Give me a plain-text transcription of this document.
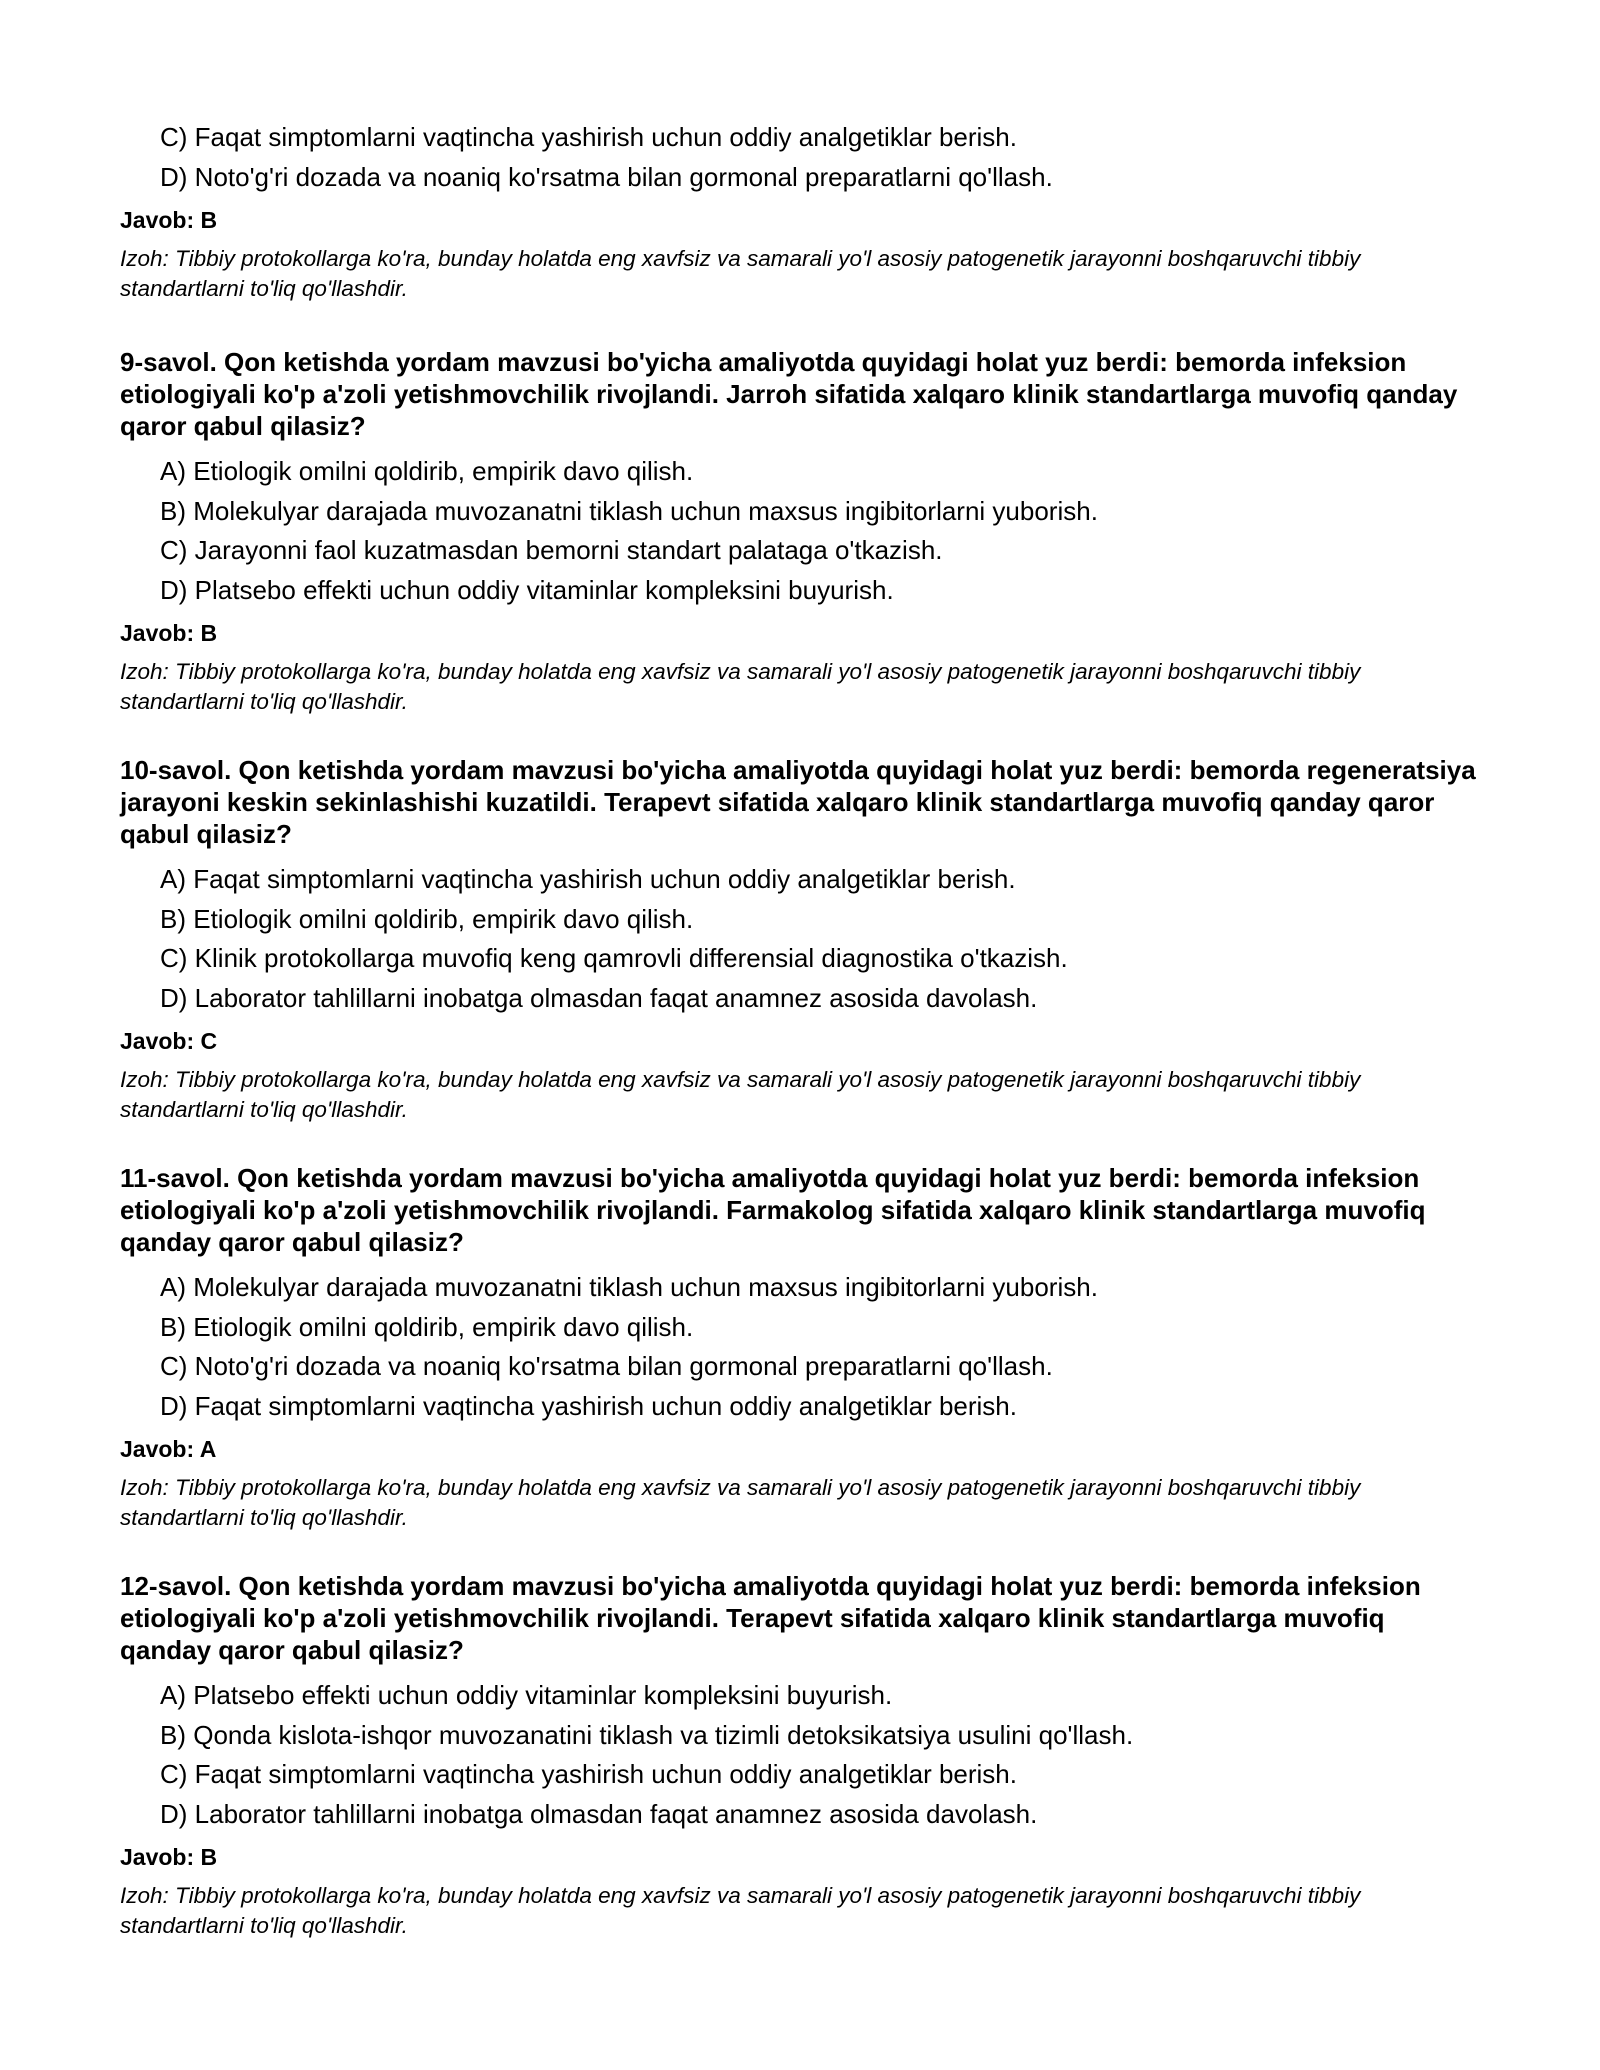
C) Faqat simptomlarni vaqtincha yashirish uchun oddiy analgetiklar berish.
D) Noto'g'ri dozada va noaniq ko'rsatma bilan gormonal preparatlarni qo'llash.
Javob: B
Izoh: Tibbiy protokollarga ko'ra, bunday holatda eng xavfsiz va samarali yo'l asosiy patogenetik jarayonni boshqaruvchi tibbiy standartlarni to'liq qo'llashdir.
9-savol. Qon ketishda yordam mavzusi bo'yicha amaliyotda quyidagi holat yuz berdi: bemorda infeksion etiologiyali ko'p a'zoli yetishmovchilik rivojlandi. Jarroh sifatida xalqaro klinik standartlarga muvofiq qanday qaror qabul qilasiz?
A) Etiologik omilni qoldirib, empirik davo qilish.
B) Molekulyar darajada muvozanatni tiklash uchun maxsus ingibitorlarni yuborish.
C) Jarayonni faol kuzatmasdan bemorni standart palataga o'tkazish.
D) Platsebo effekti uchun oddiy vitaminlar kompleksini buyurish.
Javob: B
Izoh: Tibbiy protokollarga ko'ra, bunday holatda eng xavfsiz va samarali yo'l asosiy patogenetik jarayonni boshqaruvchi tibbiy standartlarni to'liq qo'llashdir.
10-savol. Qon ketishda yordam mavzusi bo'yicha amaliyotda quyidagi holat yuz berdi: bemorda regeneratsiya jarayoni keskin sekinlashishi kuzatildi. Terapevt sifatida xalqaro klinik standartlarga muvofiq qanday qaror qabul qilasiz?
A) Faqat simptomlarni vaqtincha yashirish uchun oddiy analgetiklar berish.
B) Etiologik omilni qoldirib, empirik davo qilish.
C) Klinik protokollarga muvofiq keng qamrovli differensial diagnostika o'tkazish.
D) Laborator tahlillarni inobatga olmasdan faqat anamnez asosida davolash.
Javob: C
Izoh: Tibbiy protokollarga ko'ra, bunday holatda eng xavfsiz va samarali yo'l asosiy patogenetik jarayonni boshqaruvchi tibbiy standartlarni to'liq qo'llashdir.
11-savol. Qon ketishda yordam mavzusi bo'yicha amaliyotda quyidagi holat yuz berdi: bemorda infeksion etiologiyali ko'p a'zoli yetishmovchilik rivojlandi. Farmakolog sifatida xalqaro klinik standartlarga muvofiq qanday qaror qabul qilasiz?
A) Molekulyar darajada muvozanatni tiklash uchun maxsus ingibitorlarni yuborish.
B) Etiologik omilni qoldirib, empirik davo qilish.
C) Noto'g'ri dozada va noaniq ko'rsatma bilan gormonal preparatlarni qo'llash.
D) Faqat simptomlarni vaqtincha yashirish uchun oddiy analgetiklar berish.
Javob: A
Izoh: Tibbiy protokollarga ko'ra, bunday holatda eng xavfsiz va samarali yo'l asosiy patogenetik jarayonni boshqaruvchi tibbiy standartlarni to'liq qo'llashdir.
12-savol. Qon ketishda yordam mavzusi bo'yicha amaliyotda quyidagi holat yuz berdi: bemorda infeksion etiologiyali ko'p a'zoli yetishmovchilik rivojlandi. Terapevt sifatida xalqaro klinik standartlarga muvofiq qanday qaror qabul qilasiz?
A) Platsebo effekti uchun oddiy vitaminlar kompleksini buyurish.
B) Qonda kislota-ishqor muvozanatini tiklash va tizimli detoksikatsiya usulini qo'llash.
C) Faqat simptomlarni vaqtincha yashirish uchun oddiy analgetiklar berish.
D) Laborator tahlillarni inobatga olmasdan faqat anamnez asosida davolash.
Javob: B
Izoh: Tibbiy protokollarga ko'ra, bunday holatda eng xavfsiz va samarali yo'l asosiy patogenetik jarayonni boshqaruvchi tibbiy standartlarni to'liq qo'llashdir.
